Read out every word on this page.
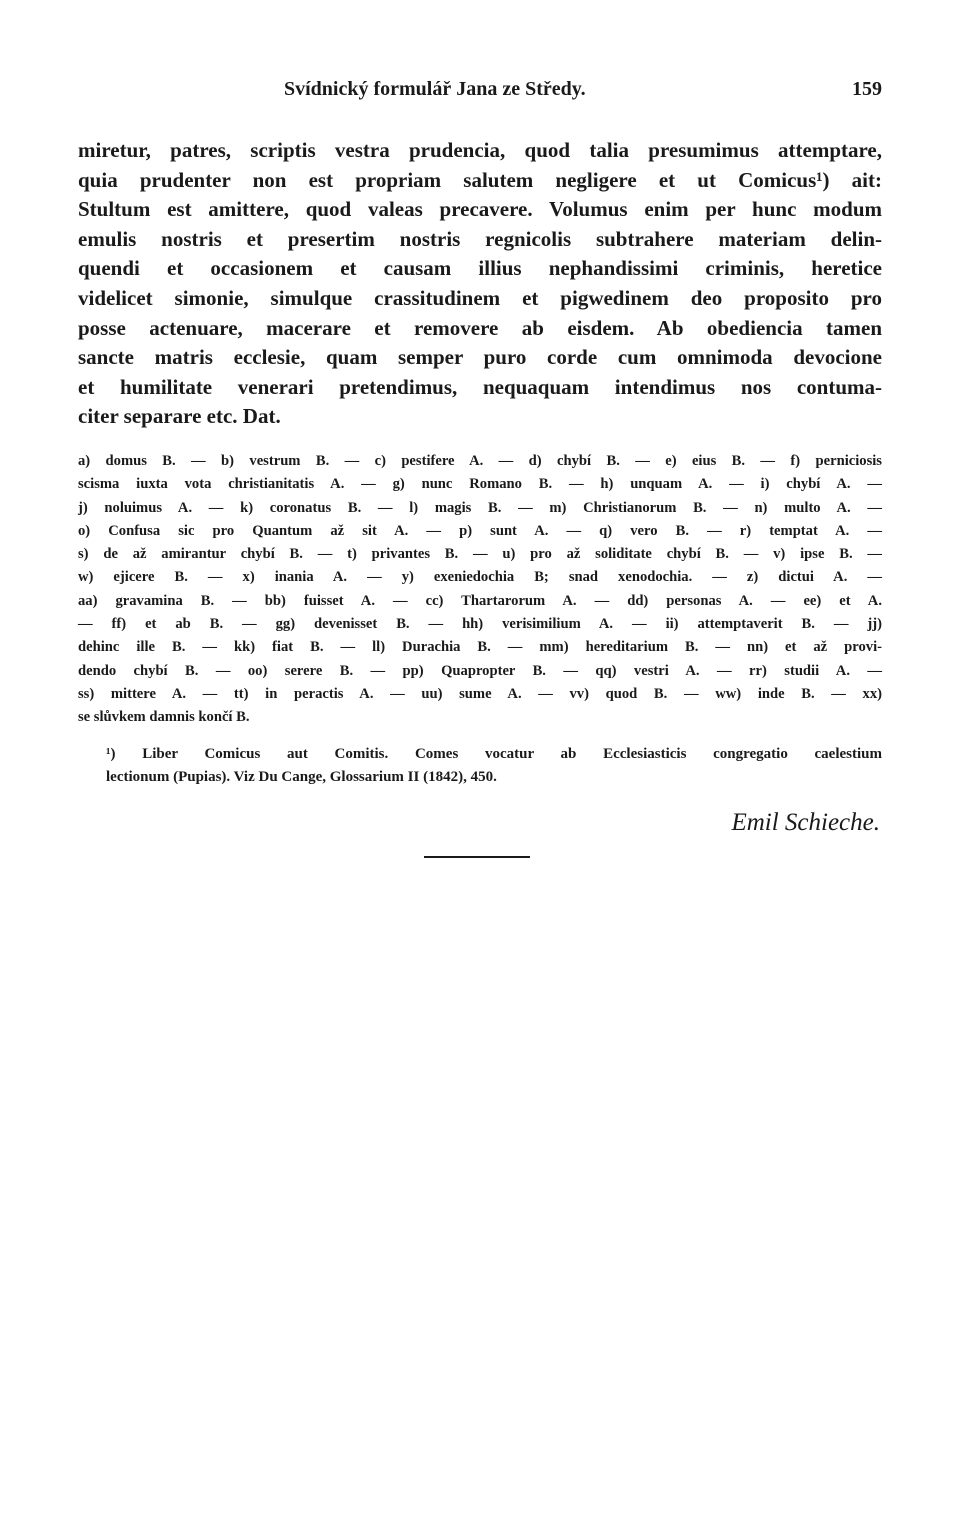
Svídnický formulář Jana ze Středy.	159
miretur, patres, scriptis vestra prudencia, quod talia presumimus attemptare,
quia prudenter non est propriam salutem negligere et ut Comicus¹) ait:
Stultum est amittere, quod valeas precavere. Volumus enim per hunc modum
emulis nostris et presertim nostris regnicolis subtrahere materiam delin-
quendi et occasionem et causam illius nephandissimi criminis, heretice
videlicet simonie, simulque crassitudinem et pigwedinem deo proposito pro
posse actenuare, macerare et removere ab eisdem. Ab obediencia tamen
sancte matris ecclesie, quam semper puro corde cum omnimoda devocione
et humilitate venerari pretendimus, nequaquam intendimus nos contuma-
citer separare etc. Dat.
a) domus B. — b) vestrum B. — c) pestifere A. — d) chybí B. — e) eius B. — f) perniciosis
scisma iuxta vota christianitatis A. — g) nunc Romano B. — h) unquam A. — i) chybí A. —
j) noluimus A. — k) coronatus B. — l) magis B. — m) Christianorum B. — n) multo A. —
o) Confusa sic pro Quantum až sit A. — p) sunt A. — q) vero B. — r) temptat A. —
s) de až amirantur chybí B. — t) privantes B. — u) pro až soliditate chybí B. — v) ipse B. —
w) ejicere B. — x) inania A. — y) exeniedochia B; snad xenodochia. — z) dictui A. —
aa) gravamina B. — bb) fuisset A. — cc) Thartarorum A. — dd) personas A. — ee) et A.
— ff) et ab B. — gg) devenisset B. — hh) verisimilium A. — ii) attemptaverit B. — jj)
dehinc ille B. — kk) fiat B. — ll) Durachia B. — mm) hereditarium B. — nn) et až provi-
dendo chybí B. — oo) serere B. — pp) Quapropter B. — qq) vestri A. — rr) studii A. —
ss) mittere A. — tt) in peractis A. — uu) sume A. — vv) quod B. — ww) inde B. — xx)
se slůvkem damnis končí B.
¹) Liber Comicus aut Comitis. Comes vocatur ab Ecclesiasticis congregatio caelestium
lectionum (Pupias). Viz Du Cange, Glossarium II (1842), 450.
Emil Schieche.
